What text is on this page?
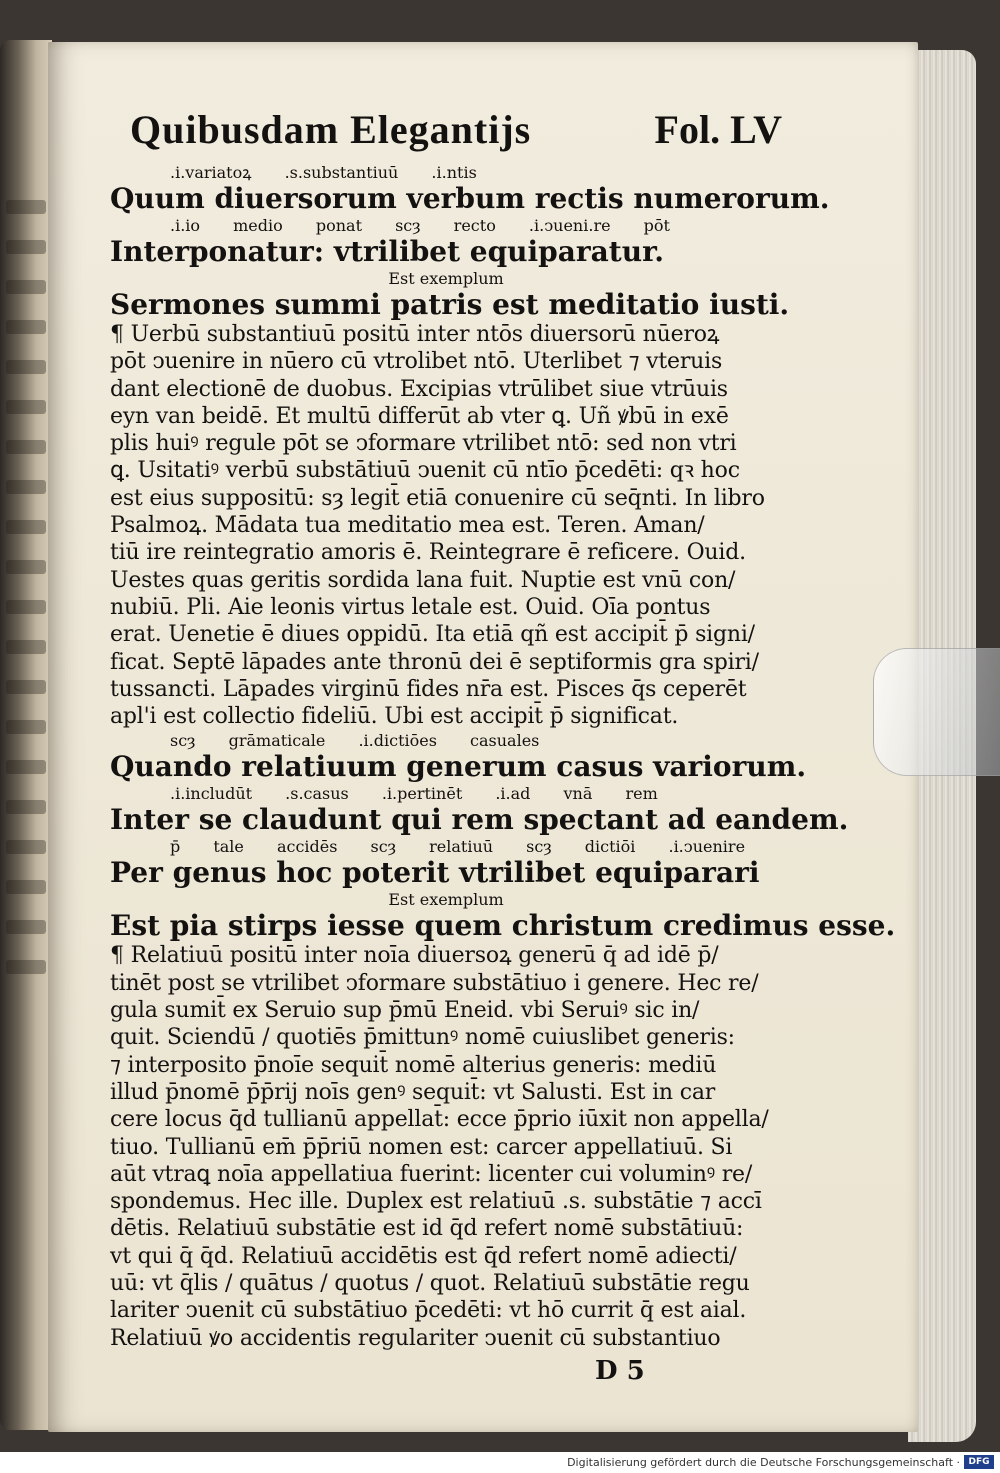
Quibusdam Elegantijs	Fol. LV
.i.variatoꝝ .s.substantiuū .i.ntis
Quum diuersorum verbum rectis numerorum.
.i.io medio ponat scȝ recto .i.ↄueni.re pōt
Interponatur: vtrilibet equiparatur.
Est exemplum
Sermones summi patris est meditatio iusti.
¶ Uerbū substantiuū positū inter ntōs diuersorū nūeroꝝ
pōt ↄuenire in nūero cū vtrolibet ntō. Uterlibet ⁊ vteruis
dant electionē de duobus. Excipias vtrūlibet siue vtrūuis
eyn van beidē. Et multū differūt ab vter ꝗ. Uñ ꝟbū in exē
plis huiꝰ regule pōt se ↄformare vtrilibet ntō: sed non vtri
ꝗ. Usitatiꝰ verbū substātiuū ↄuenit cū ntīo p̄cedēti: qꝛ hoc
est eius suppositū: sȝ legit̄ etiā conuenire cū seq̄nti. In libro
Psalmoꝝ. Mādata tua meditatio mea est. Teren. Aman/
tiū ire reintegratio amoris ē. Reintegrare ē reficere. Ouid.
Uestes quas geritis sordida lana fuit. Nuptie est vnū con/
nubiū. Pli. Aie leonis virtus letale est. Ouid. Oīa pontus
erat. Uenetie ē diues oppidū. Ita etiā qñ est accipit̄ p̄ signi/
ficat. Septē lāpades ante thronū dei ē septiformis gra spiri/
tussancti. Lāpades virginū fides nr̄a est. Pisces q̄s ceperēt
apl'i est collectio fideliū. Ubi est accipit̄ p̄ significat.
scȝ grāmaticale .i.dictiōes casuales
Quando relatiuum generum casus variorum.
.i.includūt .s.casus .i.pertinēt .i.ad vnā rem
Inter se claudunt qui rem spectant ad eandem.
p̄ tale accidēs scȝ relatiuū scȝ dictiōi .i.ↄuenire
Per genus hoc poterit vtrilibet equiparari
Est exemplum
Est pia stirps iesse quem christum credimus esse.
¶ Relatiuū positū inter noīa diuersoꝝ generū q̄ ad idē p̄/
tinēt post se vtrilibet ↄformare substātiuo i genere. Hec re/
gula sumit̄ ex Seruio sup p̄mū Eneid. vbi Seruiꝰ sic in/
quit. Sciendū / quotiēs p̄mittunꝰ nomē cuiuslibet generis:
⁊ interposito p̄noīe sequit̄ nomē alterius generis: mediū
illud p̄nomē p̄p̄rij noīs genꝰ sequit̄: vt Salusti. Est in car
cere locus q̄d tullianū appellat̄: ecce p̄prio iūxit non appella/
tiuo. Tullianū em̄ p̄p̄riū nomen est: carcer appellatiuū. Si
aūt vtraꝗ noīa appellatiua fuerint: licenter cui voluminꝰ re/
spondemus. Hec ille. Duplex est relatiuū .s. substātie ⁊ accī
dētis. Relatiuū substātie est id q̄d refert nomē substātiuū:
vt qui q̄ q̄d. Relatiuū accidētis est q̄d refert nomē adiecti/
uū: vt q̄lis / quātus / quotus / quot. Relatiuū substātie regu
lariter ↄuenit cū substātiuo p̄cedēti: vt hō currit q̄ est aial.
Relatiuū ꝟo accidentis regulariter ↄuenit cū substantiuo
D 5
Digitalisierung gefördert durch die Deutsche Forschungsgemeinschaft · DFG
